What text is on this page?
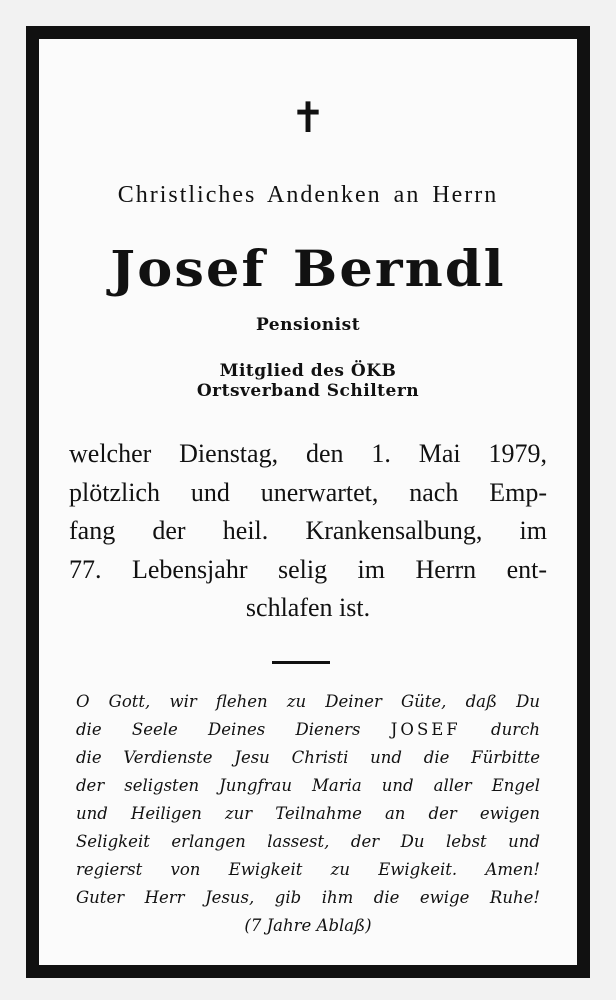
✝
Christliches Andenken an Herrn
Josef Berndl
Pensionist
Mitglied des ÖKB
Ortsverband Schiltern
welcher Dienstag, den 1. Mai 1979,
plötzlich und unerwartet, nach Emp-
fang der heil. Krankensalbung, im
77. Lebensjahr selig im Herrn ent-
schlafen ist.
O Gott, wir flehen zu Deiner Güte, daß Du
die Seele Deines Dieners JOSEF durch
die Verdienste Jesu Christi und die Fürbitte
der seligsten Jungfrau Maria und aller Engel
und Heiligen zur Teilnahme an der ewigen
Seligkeit erlangen lassest, der Du lebst und
regierst von Ewigkeit zu Ewigkeit. Amen!
Guter Herr Jesus, gib ihm die ewige Ruhe!
(7 Jahre Ablaß)
